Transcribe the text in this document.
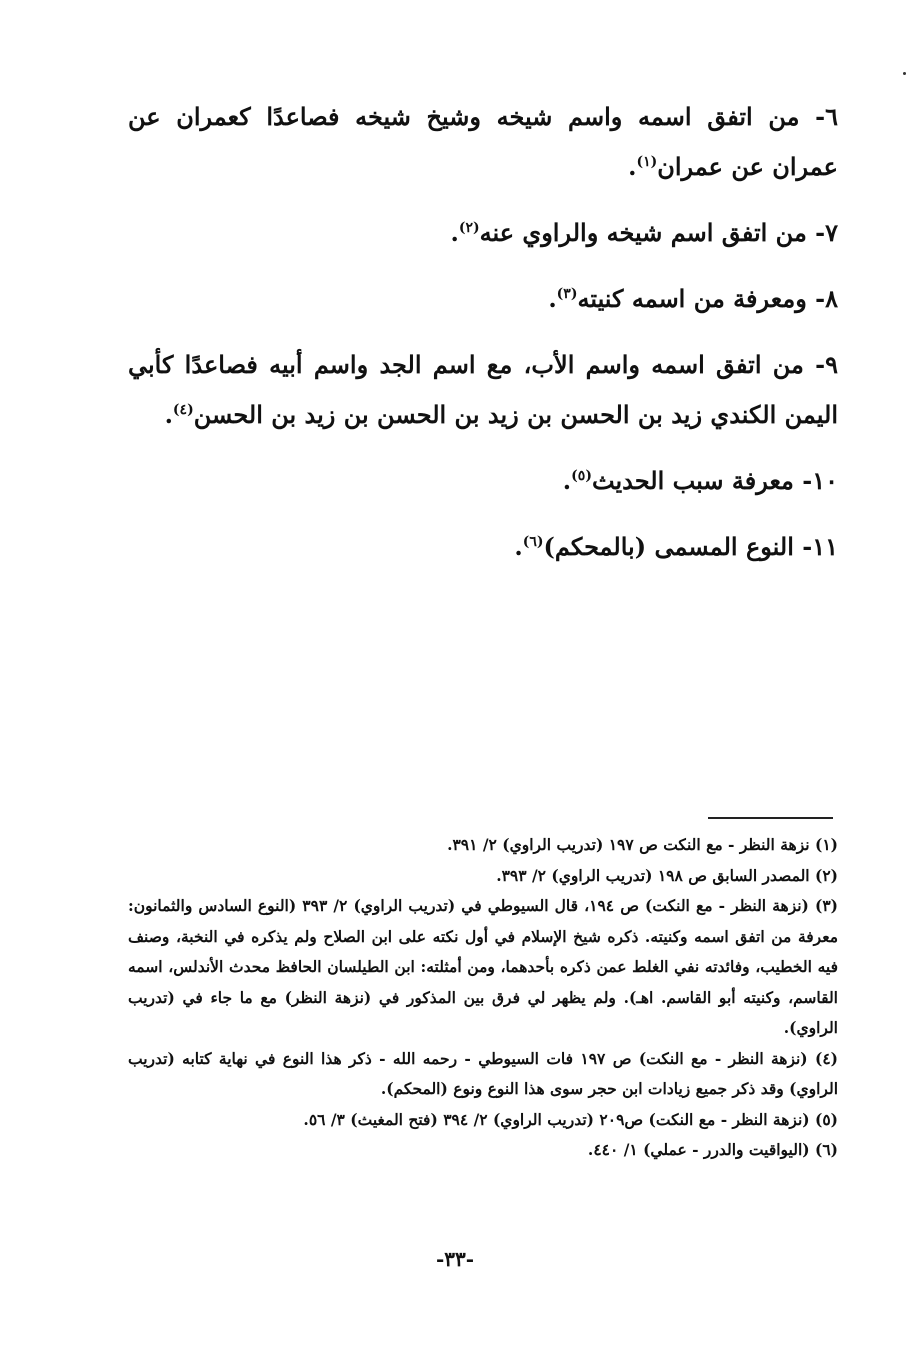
٦- من اتفق اسمه واسم شيخه وشيخ شيخه فصاعدًا كعمران عن عمران عن عمران$^{(١)}$.

٧- من اتفق اسم شيخه والراوي عنه$^{(٢)}$.

٨- ومعرفة من اسمه كنيته$^{(٣)}$.

٩- من اتفق اسمه واسم الأب، مع اسم الجد واسم أبيه فصاعدًا كأبي اليمن الكندي زيد بن الحسن بن زيد بن الحسن بن زيد بن الحسن$^{(٤)}$.

١٠- معرفة سبب الحديث$^{(٥)}$.

١١- النوع المسمى (بالمحكم)$^{(٦)}$.

(١) نزهة النظر - مع النكت ص ١٩٧ (تدريب الراوي) ٢/ ٣٩١.

(٢) المصدر السابق ص ١٩٨ (تدريب الراوي) ٢/ ٣٩٣.

(٣) (نزهة النظر - مع النكت) ص ١٩٤، قال السيوطي في (تدريب الراوي) ٢/ ٣٩٣ (النوع السادس والثمانون: معرفة من اتفق اسمه وكنيته. ذكره شيخ الإسلام في أول نكته على ابن الصلاح ولم يذكره في النخبة، وصنف فيه الخطيب، وفائدته نفي الغلط عمن ذكره بأحدهما، ومن أمثلته: ابن الطيلسان الحافظ محدث الأندلس، اسمه القاسم، وكنيته أبو القاسم. اهـ). ولم يظهر لي فرق بين المذكور في (نزهة النظر) مع ما جاء في (تدريب الراوي).

(٤) (نزهة النظر - مع النكت) ص ١٩٧ فات السيوطي - رحمه الله - ذكر هذا النوع في نهاية كتابه (تدريب الراوي) وقد ذكر جميع زيادات ابن حجر سوى هذا النوع ونوع (المحكم).

(٥) (نزهة النظر - مع النكت) ص٢٠٩ (تدريب الراوي) ٢/ ٣٩٤ (فتح المغيث) ٣/ ٥٦.

(٦) (اليواقيت والدرر - عملي) ١/ ٤٤٠.

-٣٣-
